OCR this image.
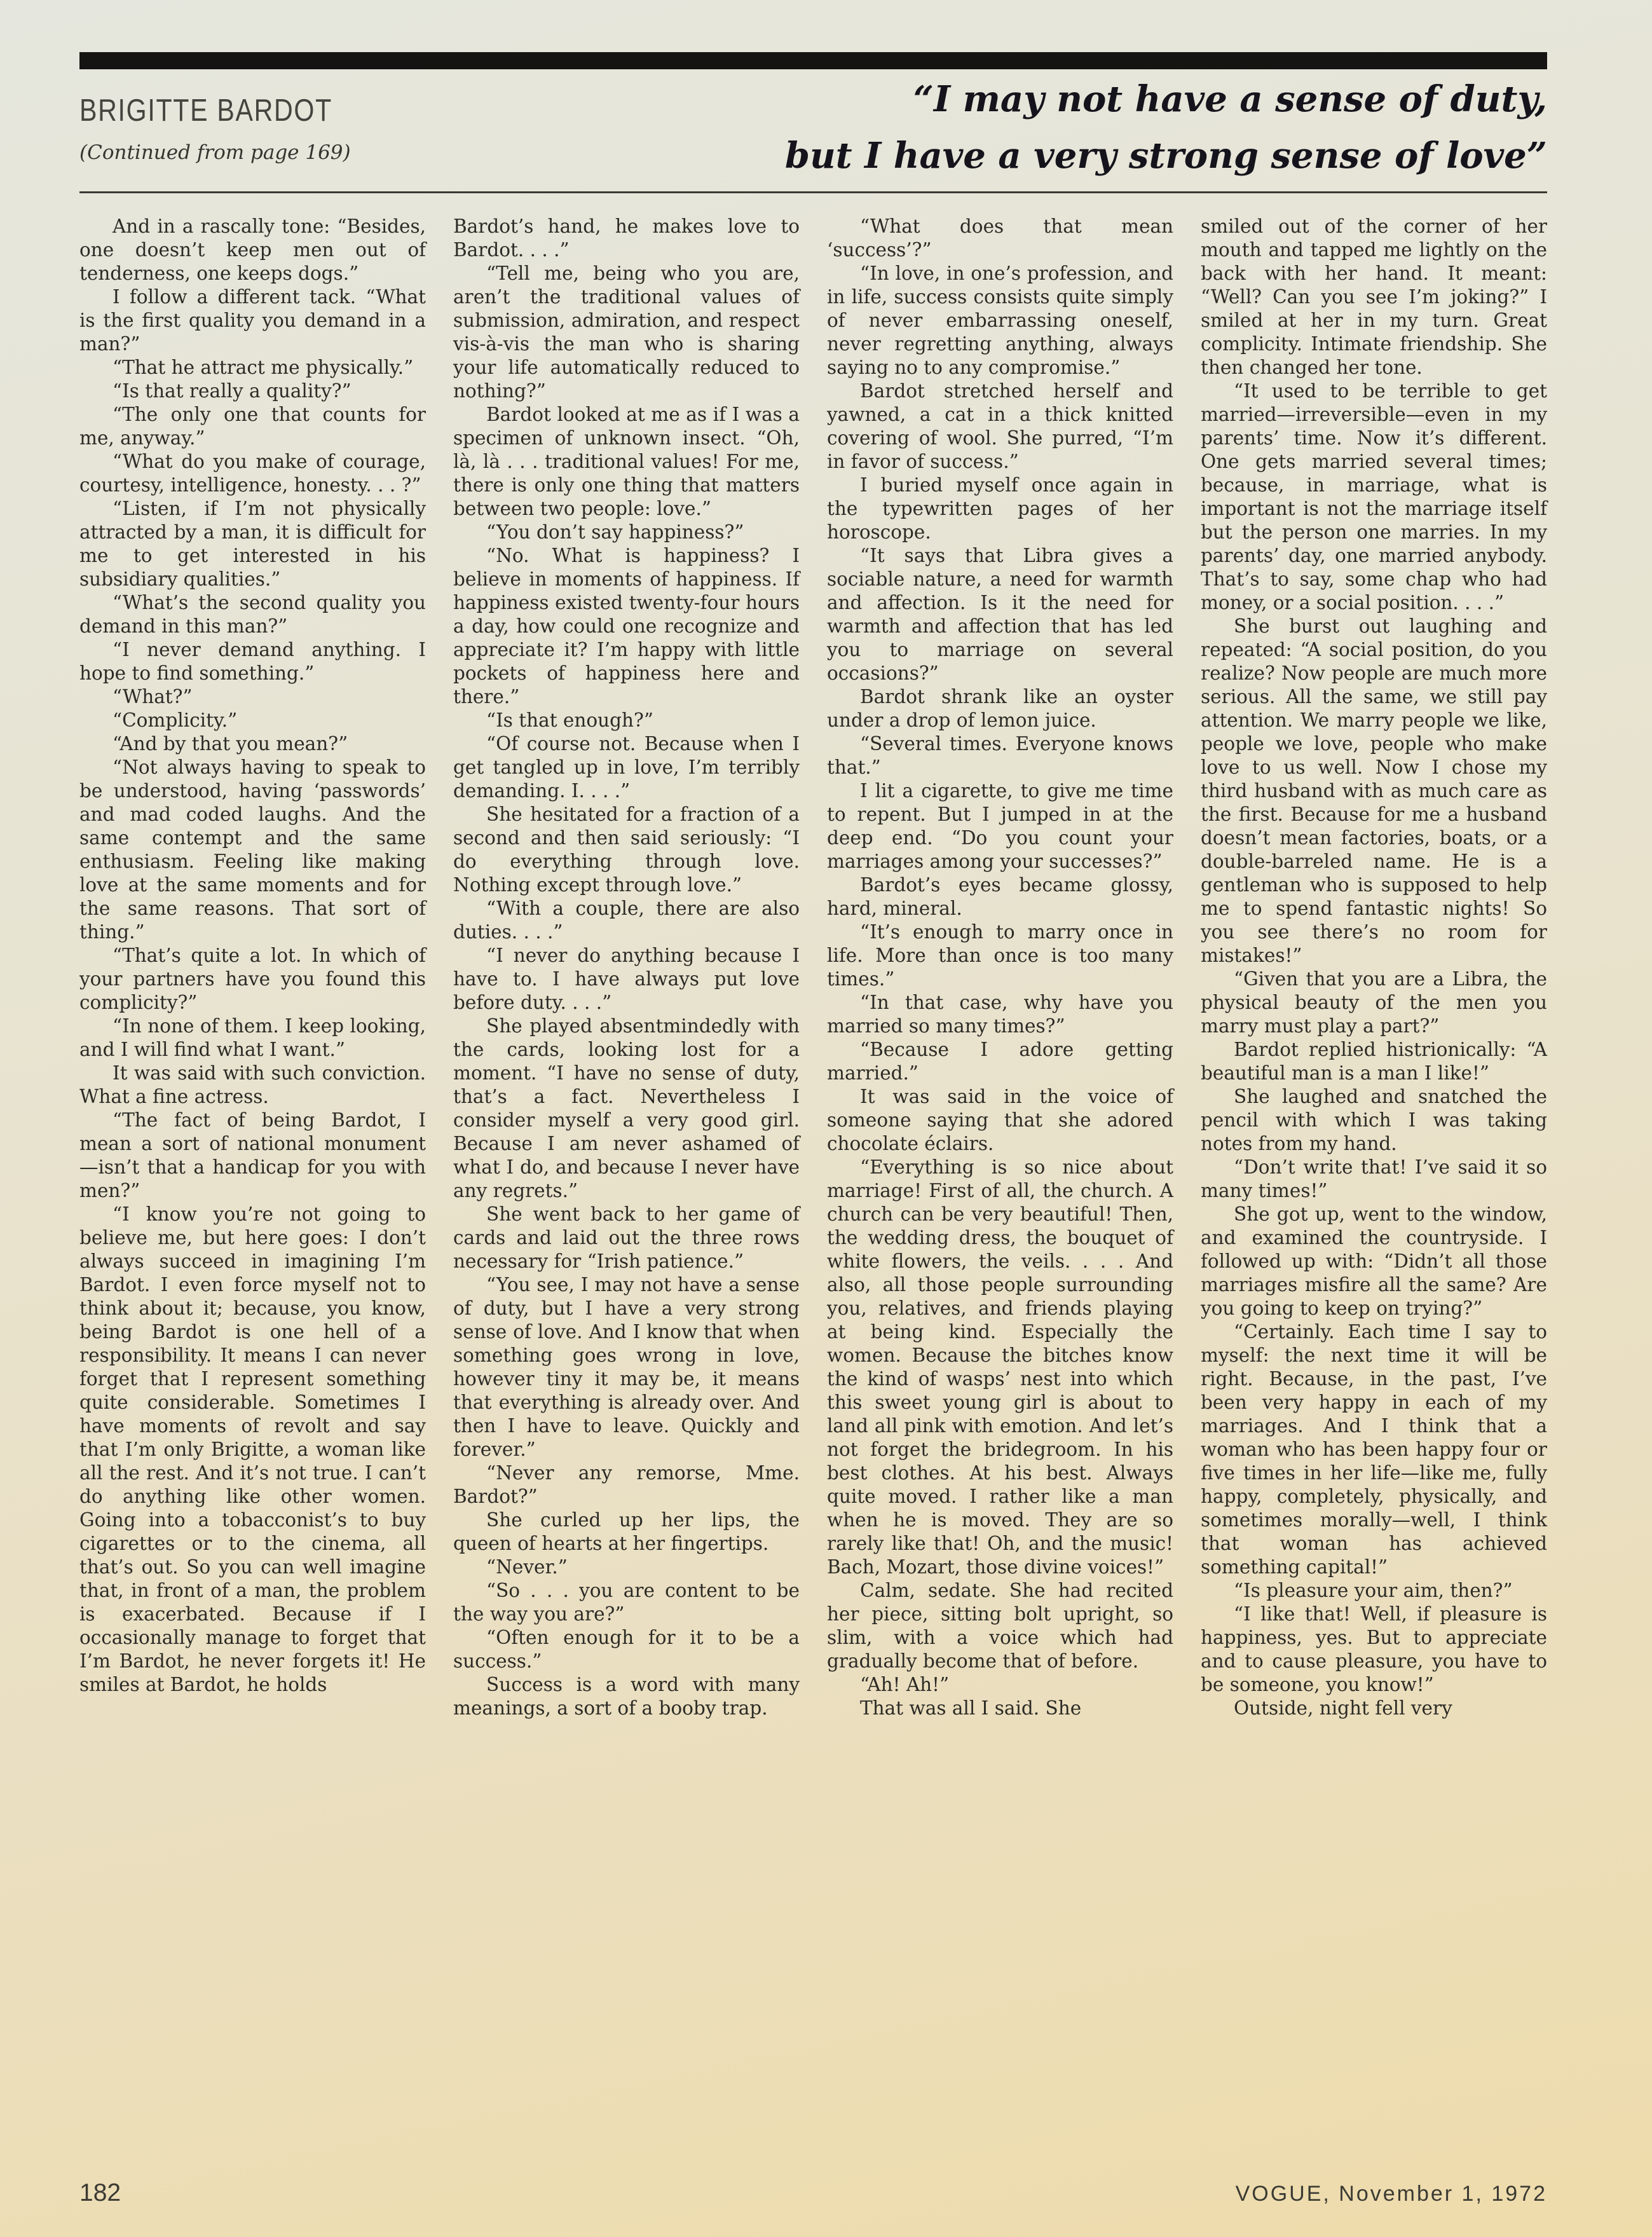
BRIGITTE BARDOT
(Continued from page 169)
“I may not have a sense of duty,
but I have a very strong sense of love”

And in a rascally tone: “Besides, one doesn’t keep men out of tenderness, one keeps dogs.”

I follow a different tack. “What is the first quality you demand in a man?”

“That he attract me physically.”

“Is that really a quality?”

“The only one that counts for me, anyway.”

“What do you make of courage, courtesy, intelligence, honesty. . . ?”

“Listen, if I’m not physically attracted by a man, it is difficult for me to get interested in his subsidiary qualities.”

“What’s the second quality you demand in this man?”

“I never demand anything. I hope to find something.”

“What?”

“Complicity.”

“And by that you mean?”

“Not always having to speak to be understood, having ‘passwords’ and mad coded laughs. And the same contempt and the same enthusiasm. Feeling like making love at the same moments and for the same reasons. That sort of thing.”

“That’s quite a lot. In which of your partners have you found this complicity?”

“In none of them. I keep looking, and I will find what I want.”

It was said with such conviction. What a fine actress.

“The fact of being Bardot, I mean a sort of national monument—isn’t that a handicap for you with men?”

“I know you’re not going to believe me, but here goes: I don’t always succeed in imagining I’m Bardot. I even force myself not to think about it; because, you know, being Bardot is one hell of a responsibility. It means I can never forget that I represent something quite considerable. Sometimes I have moments of revolt and say that I’m only Brigitte, a woman like all the rest. And it’s not true. I can’t do anything like other women. Going into a tobacconist’s to buy cigarettes or to the cinema, all that’s out. So you can well imagine that, in front of a man, the problem is exacerbated. Because if I occasionally manage to forget that I’m Bardot, he never forgets it! He smiles at Bardot, he holds

Bardot’s hand, he makes love to Bardot. . . .”

“Tell me, being who you are, aren’t the traditional values of submission, admiration, and respect vis-à-vis the man who is sharing your life automatically reduced to nothing?”

Bardot looked at me as if I was a specimen of unknown insect. “Oh, là, là . . . traditional values! For me, there is only one thing that matters between two people: love.”

“You don’t say happiness?”

“No. What is happiness? I believe in moments of happiness. If happiness existed twenty-four hours a day, how could one recognize and appreciate it? I’m happy with little pockets of happiness here and there.”

“Is that enough?”

“Of course not. Because when I get tangled up in love, I’m terribly demanding. I. . . .”

She hesitated for a fraction of a second and then said seriously: “I do everything through love. Nothing except through love.”

“With a couple, there are also duties. . . .”

“I never do anything because I have to. I have always put love before duty. . . .”

She played absentmindedly with the cards, looking lost for a moment. “I have no sense of duty, that’s a fact. Nevertheless I consider myself a very good girl. Because I am never ashamed of what I do, and because I never have any regrets.”

She went back to her game of cards and laid out the three rows necessary for “Irish patience.”

“You see, I may not have a sense of duty, but I have a very strong sense of love. And I know that when something goes wrong in love, however tiny it may be, it means that everything is already over. And then I have to leave. Quickly and forever.”

“Never any remorse, Mme. Bardot?”

She curled up her lips, the queen of hearts at her fingertips.

“Never.”

“So . . . you are content to be the way you are?”

“Often enough for it to be a success.”

Success is a word with many meanings, a sort of a booby trap.

“What does that mean ‘success’?”

“In love, in one’s profession, and in life, success consists quite simply of never embarrassing oneself, never regretting anything, always saying no to any compromise.”

Bardot stretched herself and yawned, a cat in a thick knitted covering of wool. She purred, “I’m in favor of success.”

I buried myself once again in the typewritten pages of her horoscope.

“It says that Libra gives a sociable nature, a need for warmth and affection. Is it the need for warmth and affection that has led you to marriage on several occasions?”

Bardot shrank like an oyster under a drop of lemon juice.

“Several times. Everyone knows that.”

I lit a cigarette, to give me time to repent. But I jumped in at the deep end. “Do you count your marriages among your successes?”

Bardot’s eyes became glossy, hard, mineral.

“It’s enough to marry once in life. More than once is too many times.”

“In that case, why have you married so many times?”

“Because I adore getting married.”

It was said in the voice of someone saying that she adored chocolate éclairs.

“Everything is so nice about marriage! First of all, the church. A church can be very beautiful! Then, the wedding dress, the bouquet of white flowers, the veils. . . . And also, all those people surrounding you, relatives, and friends playing at being kind. Especially the women. Because the bitches know the kind of wasps’ nest into which this sweet young girl is about to land all pink with emotion. And let’s not forget the bridegroom. In his best clothes. At his best. Always quite moved. I rather like a man when he is moved. They are so rarely like that! Oh, and the music! Bach, Mozart, those divine voices!”

Calm, sedate. She had recited her piece, sitting bolt upright, so slim, with a voice which had gradually become that of before.

“Ah! Ah!”

That was all I said. She

smiled out of the corner of her mouth and tapped me lightly on the back with her hand. It meant: “Well? Can you see I’m joking?” I smiled at her in my turn. Great complicity. Intimate friendship. She then changed her tone.

“It used to be terrible to get married—irreversible—even in my parents’ time. Now it’s different. One gets married several times; because, in marriage, what is important is not the marriage itself but the person one marries. In my parents’ day, one married anybody. That’s to say, some chap who had money, or a social position. . . .”

She burst out laughing and repeated: “A social position, do you realize? Now people are much more serious. All the same, we still pay attention. We marry people we like, people we love, people who make love to us well. Now I chose my third husband with as much care as the first. Because for me a husband doesn’t mean factories, boats, or a double-barreled name. He is a gentleman who is supposed to help me to spend fantastic nights! So you see there’s no room for mistakes!”

“Given that you are a Libra, the physical beauty of the men you marry must play a part?”

Bardot replied histrionically: “A beautiful man is a man I like!”

She laughed and snatched the pencil with which I was taking notes from my hand.

“Don’t write that! I’ve said it so many times!”

She got up, went to the window, and examined the countryside. I followed up with: “Didn’t all those marriages misfire all the same? Are you going to keep on trying?”

“Certainly. Each time I say to myself: the next time it will be right. Because, in the past, I’ve been very happy in each of my marriages. And I think that a woman who has been happy four or five times in her life—like me, fully happy, completely, physically, and sometimes morally—well, I think that woman has achieved something capital!”

“Is pleasure your aim, then?”

“I like that! Well, if pleasure is happiness, yes. But to appreciate and to cause pleasure, you have to be someone, you know!”

Outside, night fell very

182	VOGUE, November 1, 1972
